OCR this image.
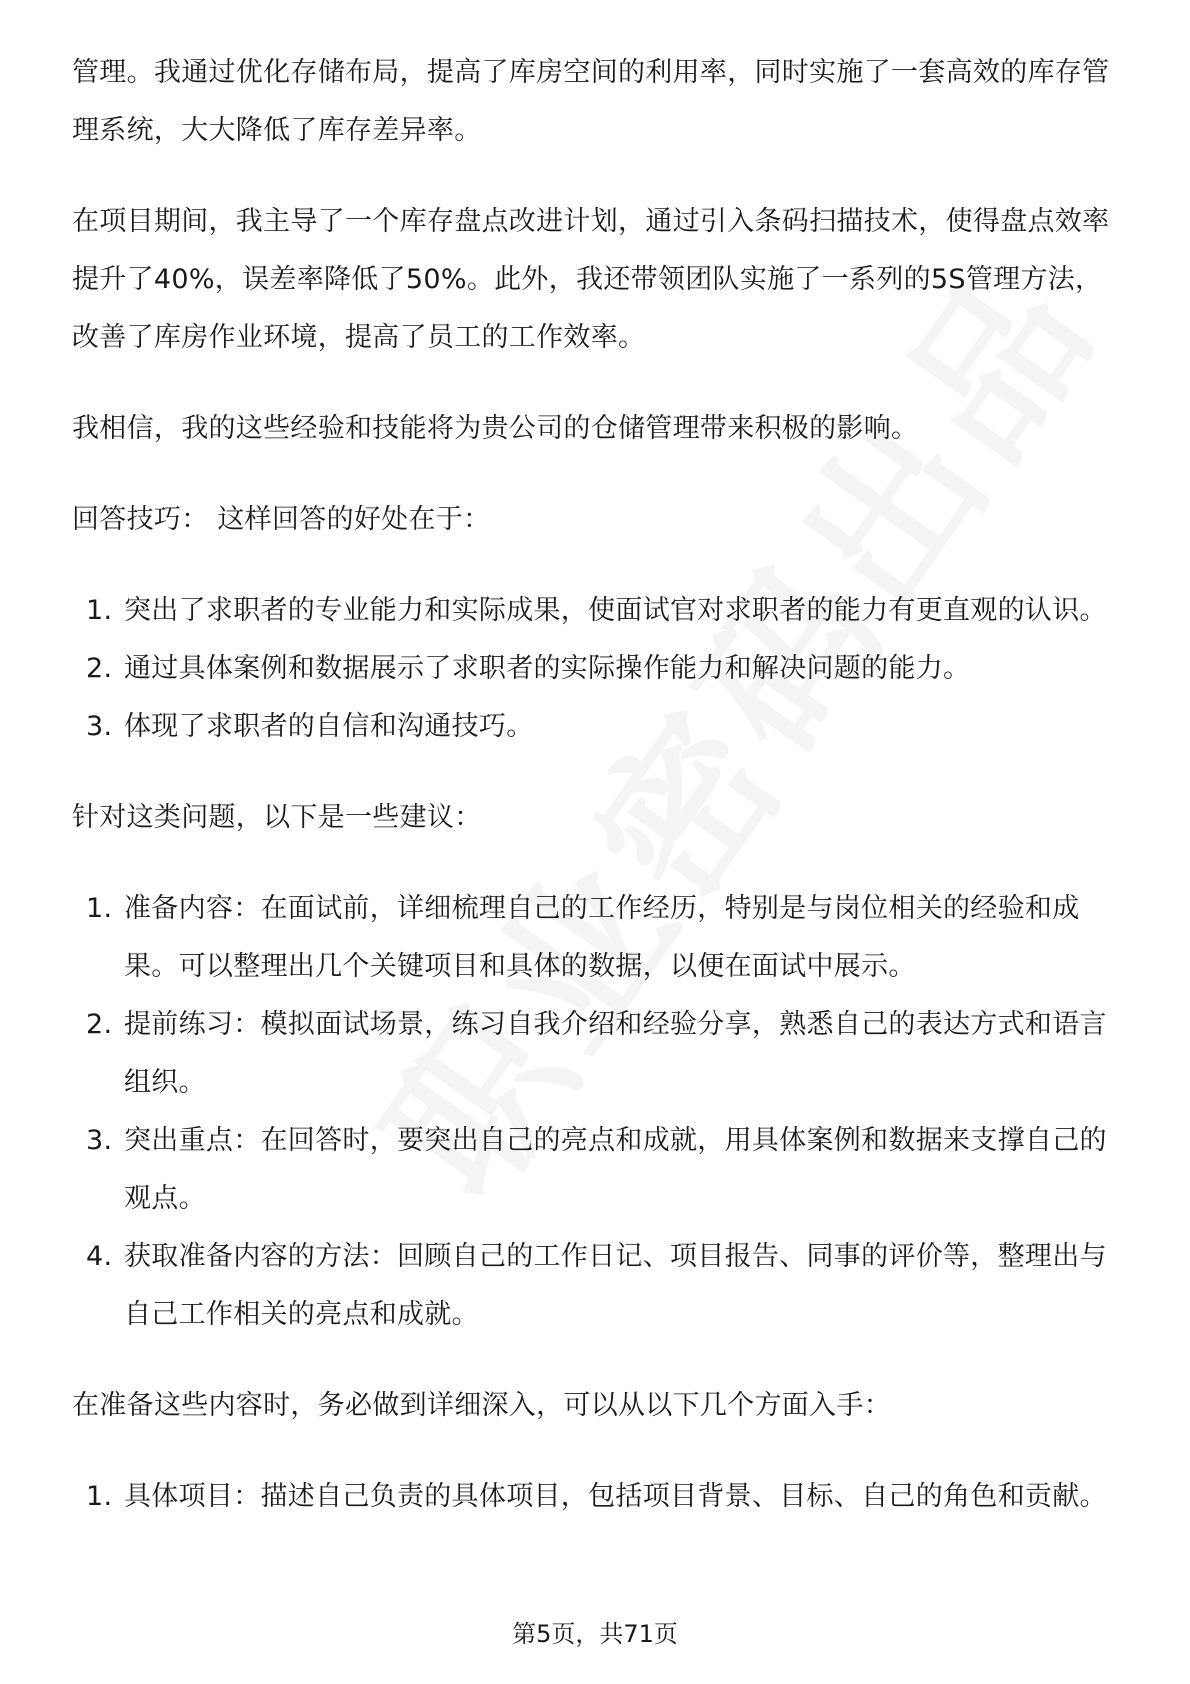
管理。我通过优化存储布局，提高了库房空间的利用率，同时实施了一套高效的库存管理系统，大大降低了库存差异率。

在项目期间，我主导了一个库存盘点改进计划，通过引入条码扫描技术，使得盘点效率提升了40%，误差率降低了50%。此外，我还带领团队实施了一系列的5S管理方法，改善了库房作业环境，提高了员工的工作效率。

我相信，我的这些经验和技能将为贵公司的仓储管理带来积极的影响。

回答技巧： 这样回答的好处在于：

1. 突出了求职者的专业能力和实际成果，使面试官对求职者的能力有更直观的认识。
2. 通过具体案例和数据展示了求职者的实际操作能力和解决问题的能力。
3. 体现了求职者的自信和沟通技巧。

针对这类问题，以下是一些建议：

1. 准备内容：在面试前，详细梳理自己的工作经历，特别是与岗位相关的经验和成果。可以整理出几个关键项目和具体的数据，以便在面试中展示。
2. 提前练习：模拟面试场景，练习自我介绍和经验分享，熟悉自己的表达方式和语言组织。
3. 突出重点：在回答时，要突出自己的亮点和成就，用具体案例和数据来支撑自己的观点。
4. 获取准备内容的方法：回顾自己的工作日记、项目报告、同事的评价等，整理出与自己工作相关的亮点和成就。

在准备这些内容时，务必做到详细深入，可以从以下几个方面入手：

1. 具体项目：描述自己负责的具体项目，包括项目背景、目标、自己的角色和贡献。
第5页，共71页
